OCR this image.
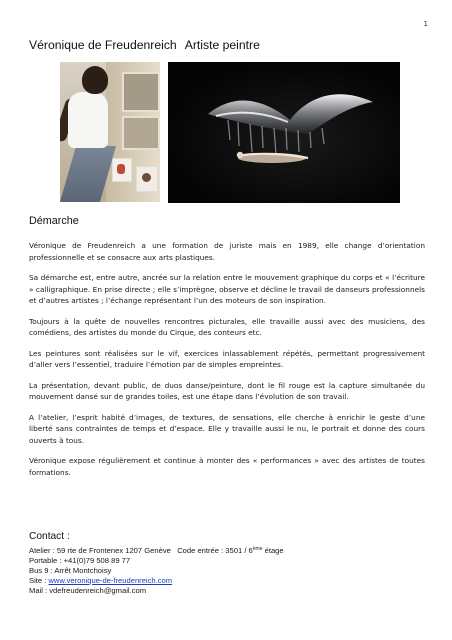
1
Véronique de Freudenreich Artiste peintre
Démarche

Véronique de Freudenreich a une formation de juriste mais en 1989, elle change d’orientation professionnelle et se consacre aux arts plastiques.

Sa démarche est, entre autre, ancrée sur la relation entre le mouvement graphique du corps et « l’écriture » calligraphique. En prise directe ; elle s’imprègne, observe et décline le travail de danseurs professionnels et d’autres artistes ; l’échange représentant l’un des moteurs de son inspiration.

Toujours à la quête de nouvelles rencontres picturales, elle travaille aussi avec des musiciens, des comédiens, des artistes du monde du Cirque, des conteurs etc.

Les peintures sont réalisées sur le vif, exercices inlassablement répétés, permettant progressivement d’aller vers l’essentiel, traduire l’émotion par de simples empreintes.

La présentation, devant public, de duos danse/peinture, dont le fil rouge est la capture simultanée du mouvement dansé sur de grandes toiles, est une étape dans l’évolution de son travail.

A l’atelier, l’esprit habité d’images, de textures, de sensations, elle cherche à enrichir le geste d’une liberté sans contraintes de temps et d’espace. Elle y travaille aussi le nu, le portrait et donne des cours ouverts à tous.

Véronique expose régulièrement et continue à monter des « performances » avec des artistes de toutes formations.

Contact :
Atelier : 59 rte de Frontenex 1207 Genève Code entrée : 3501 / 6ème étage
Portable : +41(0)79 508 89 77
Bus 9 : Arrêt Montchoisy
Site : www.veronique-de-freudenreich.com
Mail : vdefreudenreich@gmail.com
